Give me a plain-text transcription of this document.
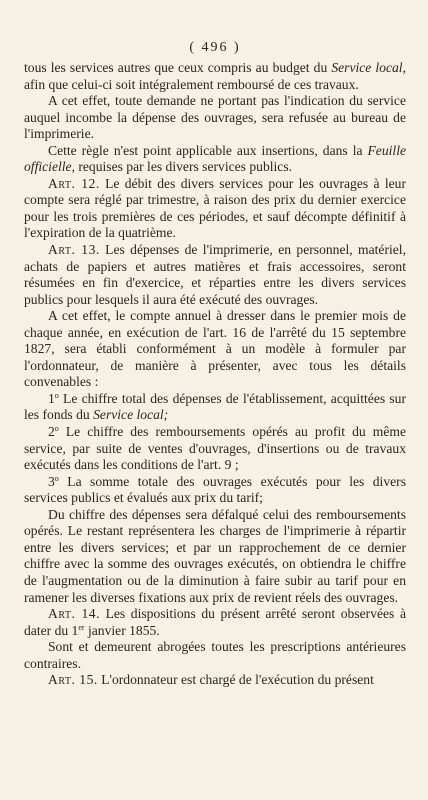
( 496 )

tous les services autres que ceux compris au budget du Service local, afin que celui-ci soit intégralement remboursé de ces travaux.

A cet effet, toute demande ne portant pas l'indication du service auquel incombe la dépense des ouvrages, sera refusée au bureau de l'imprimerie.

Cette règle n'est point applicable aux insertions, dans la Feuille officielle, requises par les divers services publics.

Art. 12. Le débit des divers services pour les ouvrages à leur compte sera réglé par trimestre, à raison des prix du dernier exercice pour les trois premières de ces périodes, et sauf décompte définitif à l'expiration de la quatrième.

Art. 13. Les dépenses de l'imprimerie, en personnel, matériel, achats de papiers et autres matières et frais accessoires, seront résumées en fin d'exercice, et réparties entre les divers services publics pour lesquels il aura été exécuté des ouvrages.

A cet effet, le compte annuel à dresser dans le premier mois de chaque année, en exécution de l'art. 16 de l'arrêté du 15 septembre 1827, sera établi conformément à un modèle à formuler par l'ordonnateur, de manière à présenter, avec tous les détails convenables :

1$^o$ Le chiffre total des dépenses de l'établissement, acquittées sur les fonds du Service local;

2$^o$ Le chiffre des remboursements opérés au profit du même service, par suite de ventes d'ouvrages, d'insertions ou de travaux exécutés dans les conditions de l'art. 9 ;

3$^o$ La somme totale des ouvrages exécutés pour les divers services publics et évalués aux prix du tarif;

Du chiffre des dépenses sera défalqué celui des remboursements opérés. Le restant représentera les charges de l'imprimerie à répartir entre les divers services; et par un rapprochement de ce dernier chiffre avec la somme des ouvrages exécutés, on obtiendra le chiffre de l'augmentation ou de la diminution à faire subir au tarif pour en ramener les diverses fixations aux prix de revient réels des ouvrages.

Art. 14. Les dispositions du présent arrêté seront observées à dater du 1er janvier 1855.

Sont et demeurent abrogées toutes les prescriptions antérieures contraires.

Art. 15. L'ordonnateur est chargé de l'exécution du présent
